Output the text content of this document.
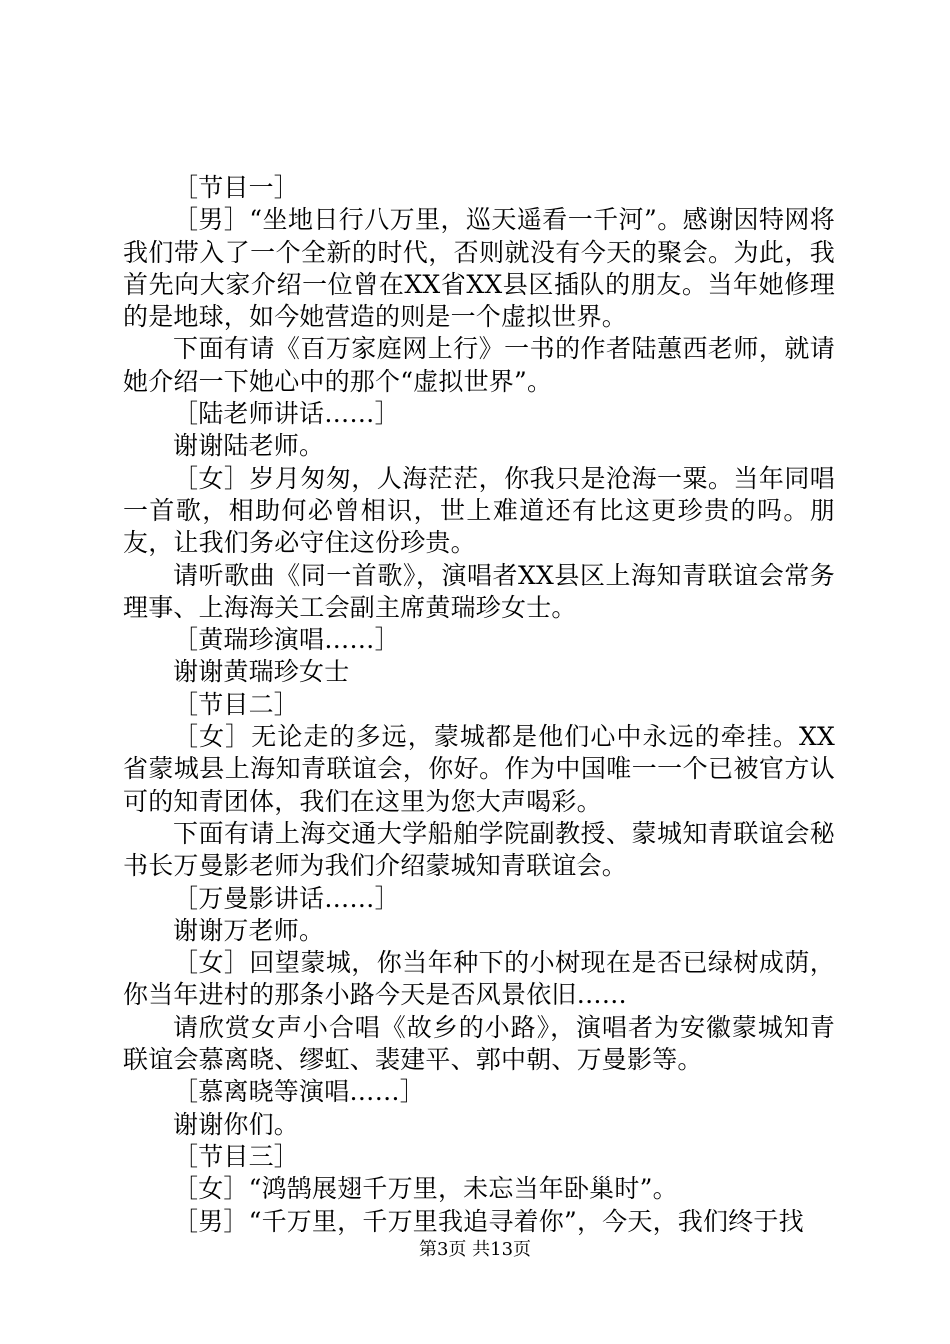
［节目一］

［男］“坐地日行八万里，巡天遥看一千河”。感谢因特网将我们带入了一个全新的时代，否则就没有今天的聚会。为此，我首先向大家介绍一位曾在XX省XX县区插队的朋友。当年她修理的是地球，如今她营造的则是一个虚拟世界。

下面有请《百万家庭网上行》一书的作者陆蕙西老师，就请她介绍一下她心中的那个“虚拟世界”。

［陆老师讲话……］

谢谢陆老师。

［女］岁月匆匆，人海茫茫，你我只是沧海一粟。当年同唱一首歌，相助何必曾相识，世上难道还有比这更珍贵的吗。朋友，让我们务必守住这份珍贵。

请听歌曲《同一首歌》，演唱者XX县区上海知青联谊会常务理事、上海海关工会副主席黄瑞珍女士。

［黄瑞珍演唱……］

谢谢黄瑞珍女士

［节目二］

［女］无论走的多远，蒙城都是他们心中永远的牵挂。XX省蒙城县上海知青联谊会，你好。作为中国唯一一个已被官方认可的知青团体，我们在这里为您大声喝彩。

下面有请上海交通大学船舶学院副教授、蒙城知青联谊会秘书长万曼影老师为我们介绍蒙城知青联谊会。

［万曼影讲话……］

谢谢万老师。

［女］回望蒙城，你当年种下的小树现在是否已绿树成荫，你当年进村的那条小路今天是否风景依旧……

请欣赏女声小合唱《故乡的小路》，演唱者为安徽蒙城知青联谊会慕离晓、缪虹、裴建平、郭中朝、万曼影等。

［慕离晓等演唱……］

谢谢你们。

［节目三］

［女］“鸿鹄展翅千万里，未忘当年卧巢时”。

［男］“千万里，千万里我追寻着你”，今天，我们终于找

第3页 共13页
